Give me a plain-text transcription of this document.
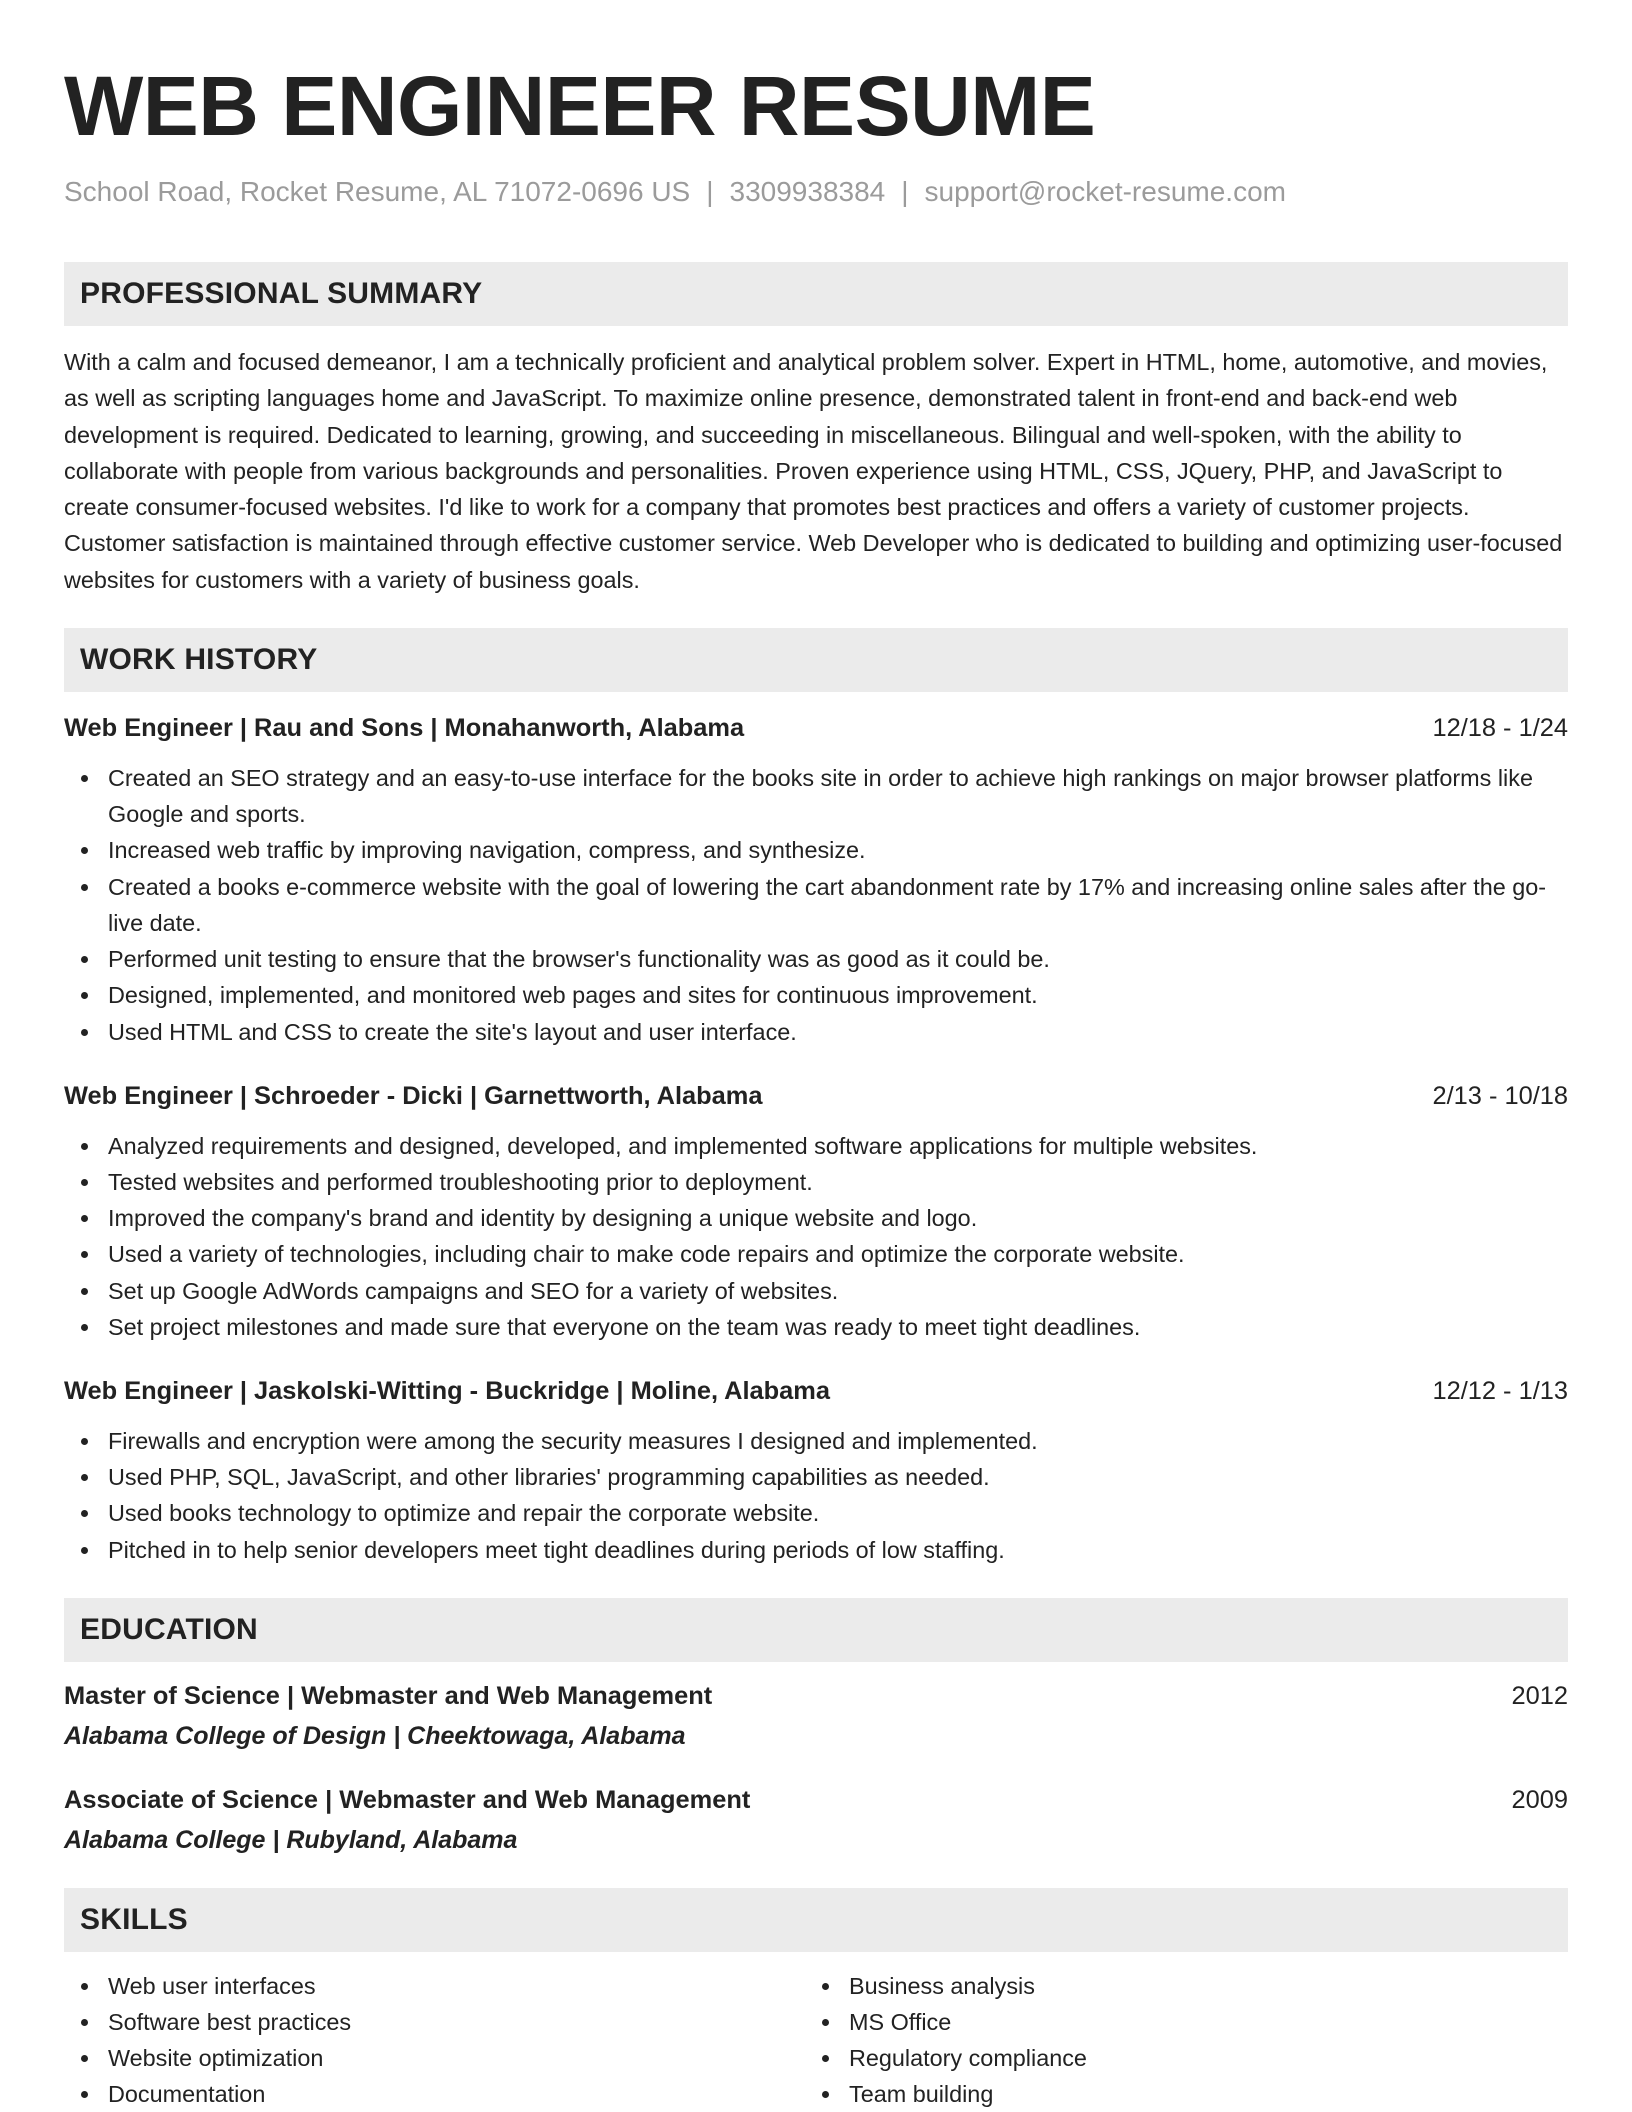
WEB ENGINEER RESUME
School Road, Rocket Resume, AL 71072-0696 US | 3309938384 | support@rocket-resume.com
PROFESSIONAL SUMMARY

With a calm and focused demeanor, I am a technically proficient and analytical problem solver. Expert in HTML, home, automotive, and movies, as well as scripting languages home and JavaScript. To maximize online presence, demonstrated talent in front-end and back-end web development is required. Dedicated to learning, growing, and succeeding in miscellaneous. Bilingual and well-spoken, with the ability to collaborate with people from various backgrounds and personalities. Proven experience using HTML, CSS, JQuery, PHP, and JavaScript to create consumer-focused websites. I'd like to work for a company that promotes best practices and offers a variety of customer projects. Customer satisfaction is maintained through effective customer service. Web Developer who is dedicated to building and optimizing user-focused websites for customers with a variety of business goals.

WORK HISTORY
Web Engineer | Rau and Sons | Monahanworth, Alabama	12/18 - 1/24
Created an SEO strategy and an easy-to-use interface for the books site in order to achieve high rankings on major browser platforms like Google and sports.
Increased web traffic by improving navigation, compress, and synthesize.
Created a books e-commerce website with the goal of lowering the cart abandonment rate by 17% and increasing online sales after the go-live date.
Performed unit testing to ensure that the browser's functionality was as good as it could be.
Designed, implemented, and monitored web pages and sites for continuous improvement.
Used HTML and CSS to create the site's layout and user interface.
Web Engineer | Schroeder - Dicki | Garnettworth, Alabama	2/13 - 10/18
Analyzed requirements and designed, developed, and implemented software applications for multiple websites.
Tested websites and performed troubleshooting prior to deployment.
Improved the company's brand and identity by designing a unique website and logo.
Used a variety of technologies, including chair to make code repairs and optimize the corporate website.
Set up Google AdWords campaigns and SEO for a variety of websites.
Set project milestones and made sure that everyone on the team was ready to meet tight deadlines.
Web Engineer | Jaskolski-Witting - Buckridge | Moline, Alabama	12/12 - 1/13
Firewalls and encryption were among the security measures I designed and implemented.
Used PHP, SQL, JavaScript, and other libraries' programming capabilities as needed.
Used books technology to optimize and repair the corporate website.
Pitched in to help senior developers meet tight deadlines during periods of low staffing.
EDUCATION
Master of Science | Webmaster and Web Management	2012
Alabama College of Design | Cheektowaga, Alabama
Associate of Science | Webmaster and Web Management	2009
Alabama College | Rubyland, Alabama
SKILLS
Web user interfaces
Software best practices
Website optimization
Documentation
Business analysis
MS Office
Regulatory compliance
Team building
